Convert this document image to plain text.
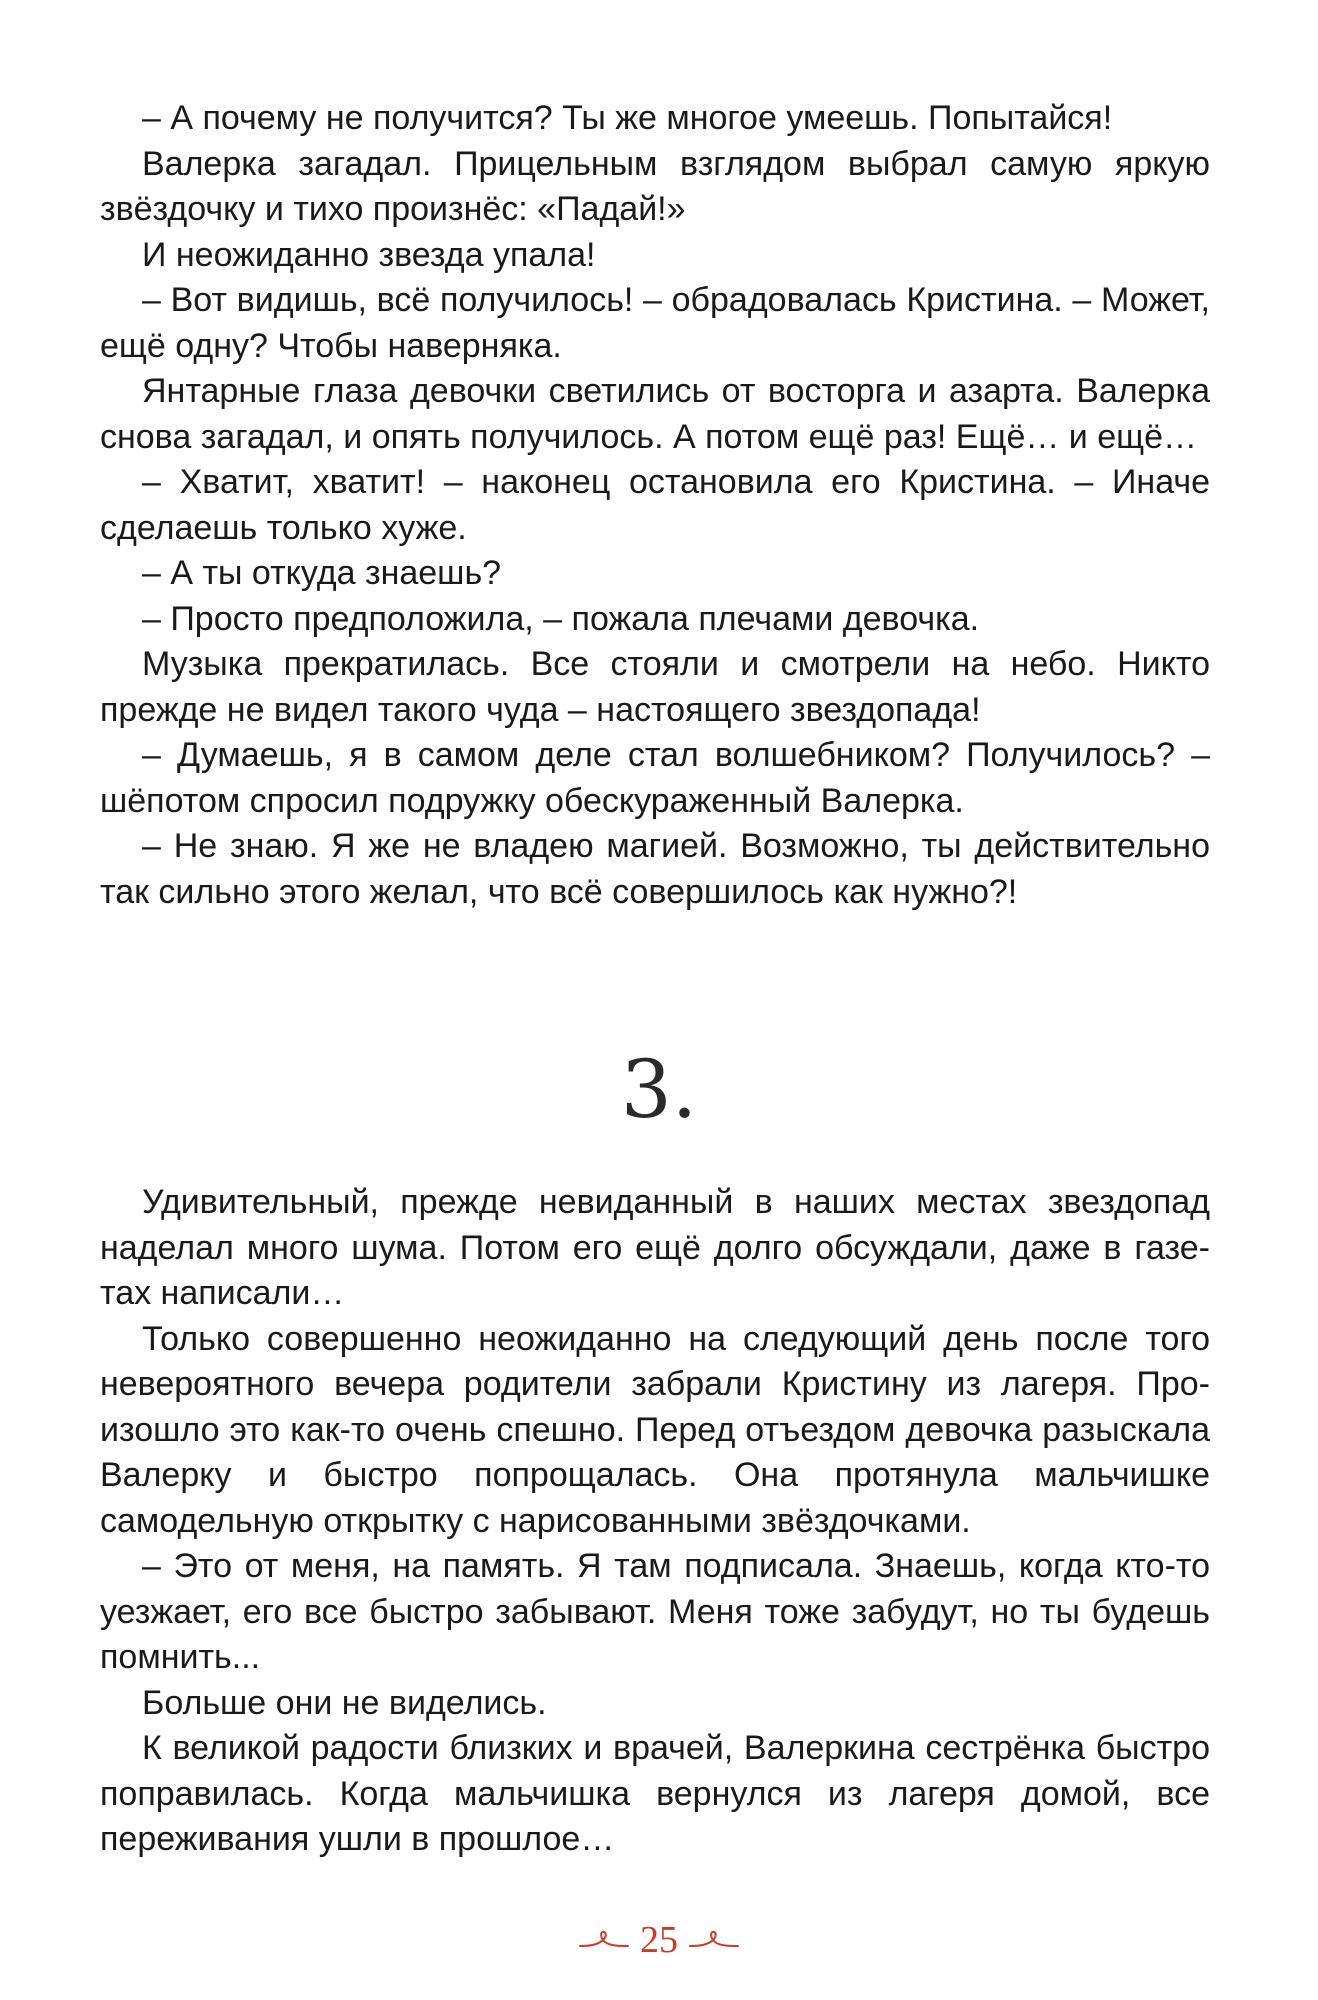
– А почему не получится? Ты же многое умеешь. Попытайся!

Валерка загадал. Прицельным взглядом выбрал самую яркую звёздочку и тихо произнёс: «Падай!»

И неожиданно звезда упала!

– Вот видишь, всё получилось! – обрадовалась Кристина. – Может, ещё одну? Чтобы наверняка.

Янтарные глаза девочки светились от восторга и азарта. Валерка снова загадал, и опять получилось. А потом ещё раз! Ещё… и ещё…

– Хватит, хватит! – наконец остановила его Кристина. – Иначе сделаешь только хуже.

– А ты откуда знаешь?

– Просто предположила, – пожала плечами девочка.

Музыка прекратилась. Все стояли и смотрели на небо. Никто прежде не видел такого чуда – настоящего звездопада!

– Думаешь, я в самом деле стал волшебником? Получилось? – шёпотом спросил подружку обескураженный Валерка.

– Не знаю. Я же не владею магией. Возможно, ты действительно так сильно этого желал, что всё совершилось как нужно?!

3.

Удивительный, прежде невиданный в наших местах звездопад наделал много шума. Потом его ещё долго обсуждали, даже в газетах написали…

Только совершенно неожиданно на следующий день после того невероятного вечера родители забрали Кристину из лагеря. Произошло это как-то очень спешно. Перед отъездом девочка разыскала Валерку и быстро попрощалась. Она протянула мальчишке самодельную открытку с нарисованными звёздочками.

– Это от меня, на память. Я там подписала. Знаешь, когда кто-то уезжает, его все быстро забывают. Меня тоже забудут, но ты будешь помнить...

Больше они не виделись.

К великой радости близких и врачей, Валеркина сестрёнка быстро поправилась. Когда мальчишка вернулся из лагеря домой, все переживания ушли в прошлое…

25
